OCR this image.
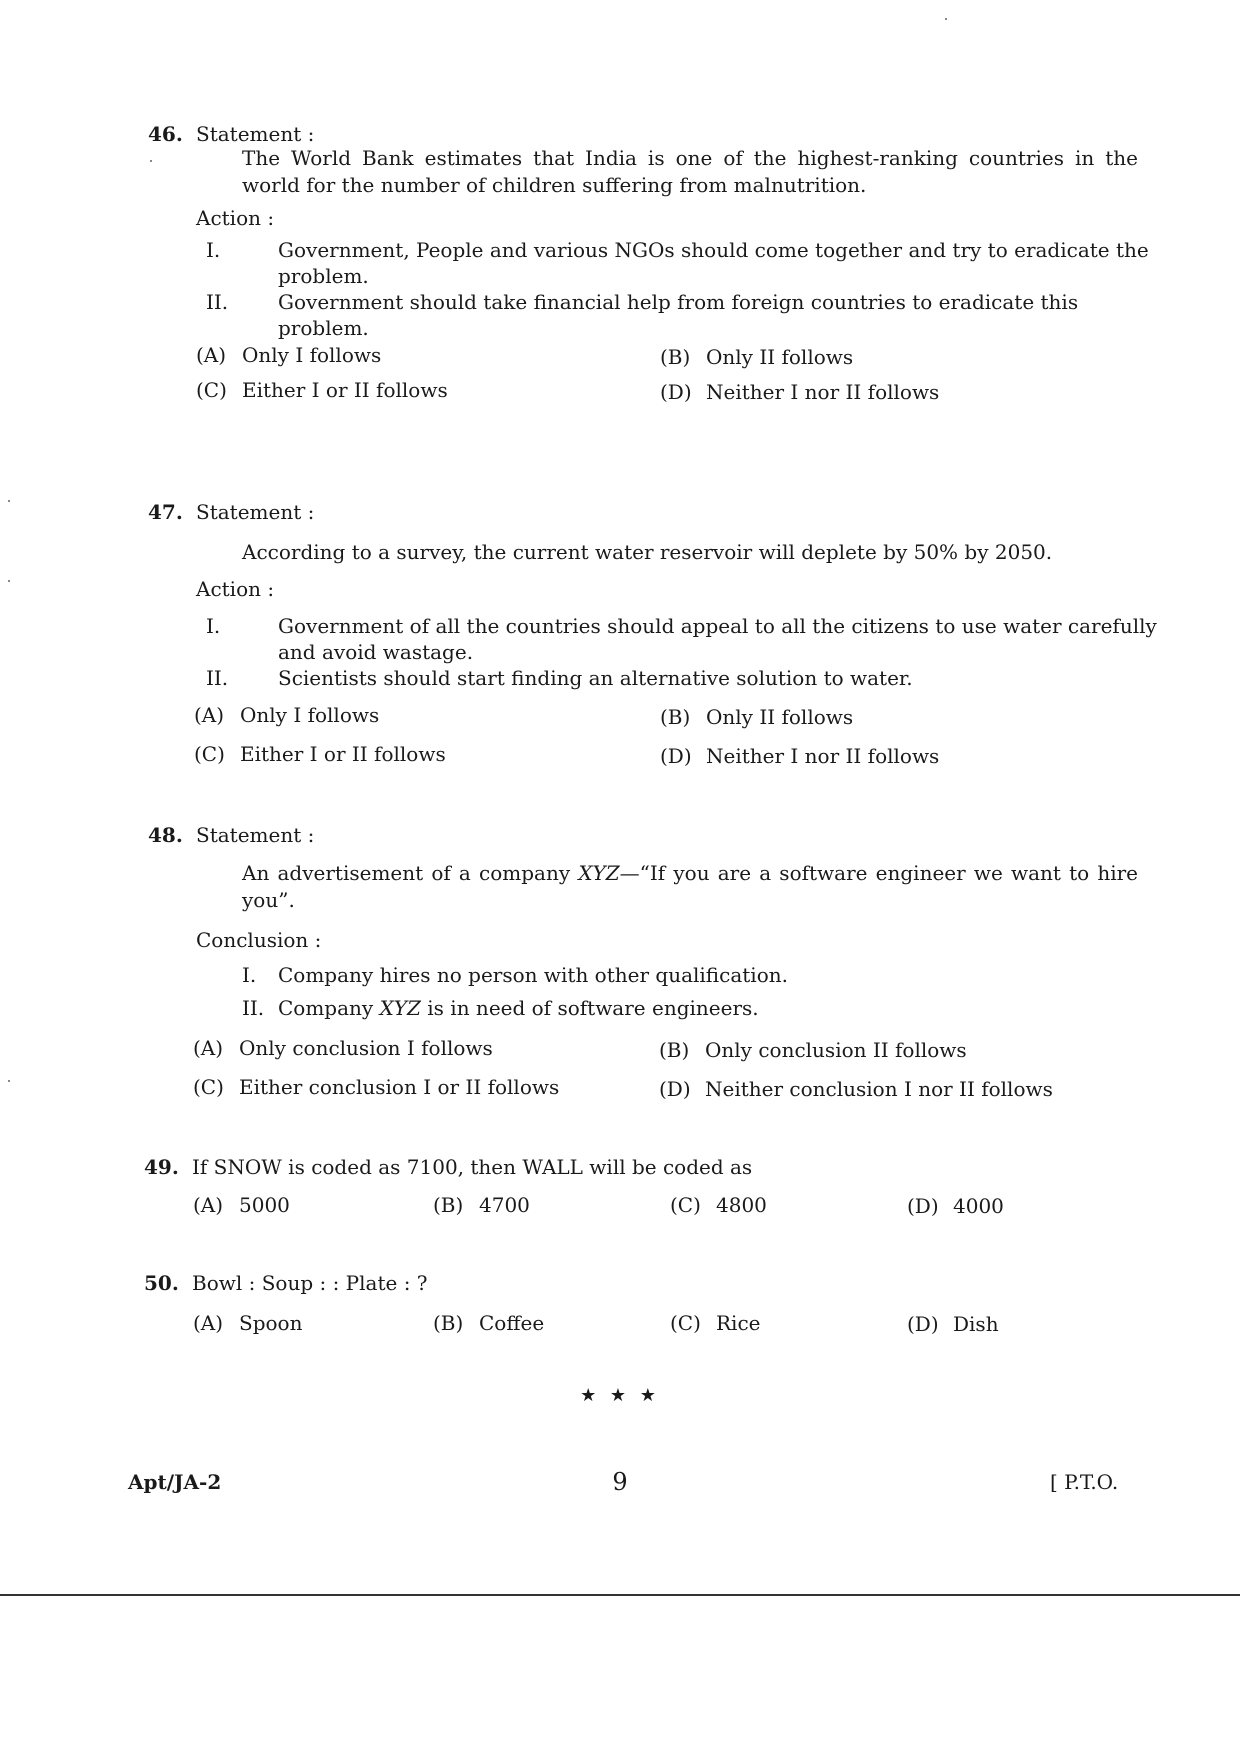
46. Statement :
The World Bank estimates that India is one of the highest-ranking countries in the world for the number of children suffering from malnutrition.
Action :
I.	Government, People and various NGOs should come together and try to eradicate the problem.
II. Government should take financial help from foreign countries to eradicate this problem.
(A) Only I follows	(B) Only II follows
(C) Either I or II follows	(D) Neither I nor II follows
47. Statement :
According to a survey, the current water reservoir will deplete by 50% by 2050.
Action :
I.	Government of all the countries should appeal to all the citizens to use water carefully and avoid wastage.
II. Scientists should start finding an alternative solution to water.
(A) Only I follows	(B) Only II follows
(C) Either I or II follows	(D) Neither I nor II follows
48. Statement :
An advertisement of a company XYZ—“If you are a software engineer we want to hire you”.
Conclusion :
I. Company hires no person with other qualification.
II. Company XYZ is in need of software engineers.
(A) Only conclusion I follows	(B) Only conclusion II follows
(C) Either conclusion I or II follows	(D) Neither conclusion I nor II follows
49. If SNOW is coded as 7100, then WALL will be coded as
(A) 5000	(B) 4700	(C) 4800	(D) 4000
50. Bowl : Soup : : Plate : ?
(A) Spoon	(B) Coffee	(C) Rice	(D) Dish
★ ★ ★
Apt/JA-2	9	[ P.T.O.
